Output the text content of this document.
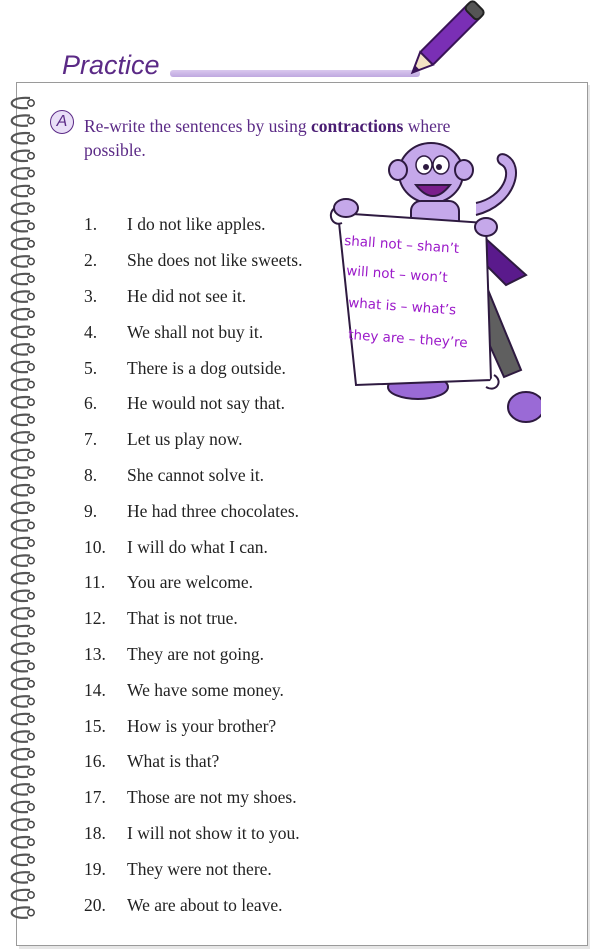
Practice
A Re-write the sentences by using contractions where possible.
1.	I do not like apples.
2.	She does not like sweets.
3.	He did not see it.
4.	We shall not buy it.
5.	There is a dog outside.
6.	He would not say that.
7.	Let us play now.
8.	She cannot solve it.
9.	He had three chocolates.
10.	I will do what I can.
11.	You are welcome.
12.	That is not true.
13.	They are not going.
14.	We have some money.
15.	How is your brother?
16.	What is that?
17.	Those are not my shoes.
18.	I will not show it to you.
19.	They were not there.
20.	We are about to leave.
shall not – shan’t
will not – won’t
what is – what’s
they are – they’re
